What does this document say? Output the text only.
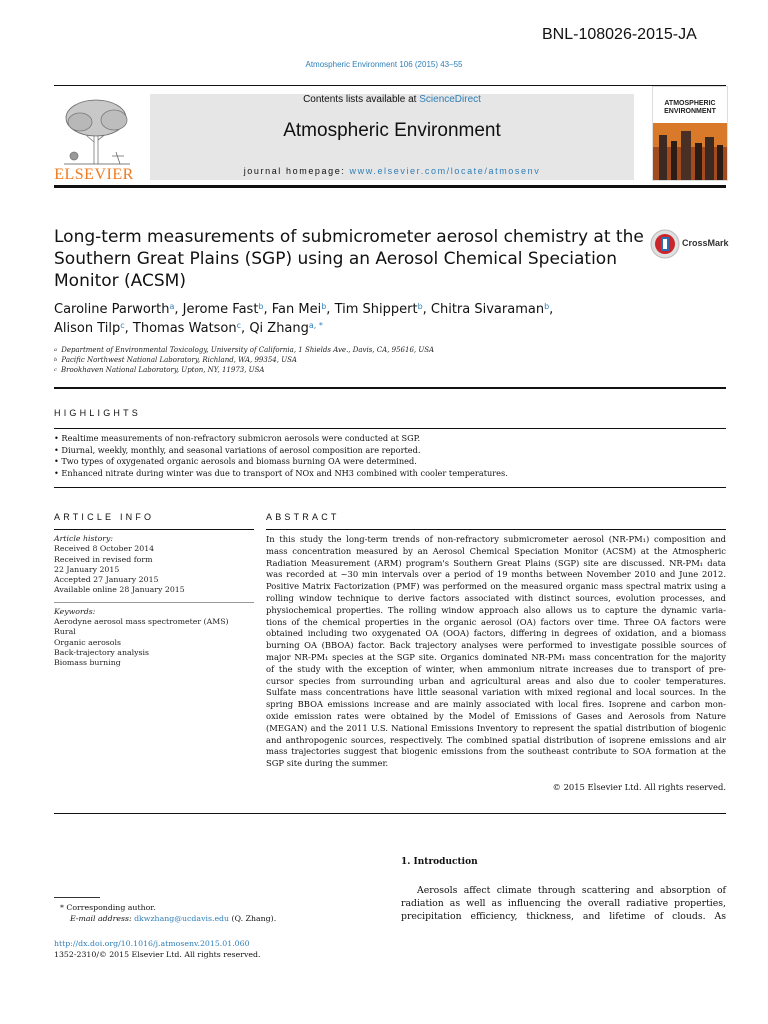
BNL-108026-2015-JA
Atmospheric Environment 106 (2015) 43–55
ELSEVIER
Contents lists available at ScienceDirect
Atmospheric Environment
journal homepage: www.elsevier.com/locate/atmosenv
ATMOSPHERIC ENVIRONMENT
Long-term measurements of submicrometer aerosol chemistry at the Southern Great Plains (SGP) using an Aerosol Chemical Speciation Monitor (ACSM)
CrossMark
Caroline Parworth$^a$, Jerome Fast$^b$, Fan Mei$^b$, Tim Shippert$^b$, Chitra Sivaraman$^b$,
Alison Tilp$^c$, Thomas Watson$^c$, Qi Zhang$^{a, *}$
$^a$ Department of Environmental Toxicology, University of California, 1 Shields Ave., Davis, CA, 95616, USA
$^b$ Pacific Northwest National Laboratory, Richland, WA, 99354, USA
$^c$ Brookhaven National Laboratory, Upton, NY, 11973, USA
HIGHLIGHTS
• Realtime measurements of non-refractory submicron aerosols were conducted at SGP.
• Diurnal, weekly, monthly, and seasonal variations of aerosol composition are reported.
• Two types of oxygenated organic aerosols and biomass burning OA were determined.
• Enhanced nitrate during winter was due to transport of NOx and NH3 combined with cooler temperatures.
ARTICLE INFO	ABSTRACT
Article history:
Received 8 October 2014
Received in revised form
22 January 2015
Accepted 27 January 2015
Available online 28 January 2015
Keywords:
Aerodyne aerosol mass spectrometer (AMS)
Rural
Organic aerosols
Back-trajectory analysis
Biomass burning
In this study the long-term trends of non-refractory submicrometer aerosol (NR-PM₁) composition and
mass concentration measured by an Aerosol Chemical Speciation Monitor (ACSM) at the Atmospheric
Radiation Measurement (ARM) program's Southern Great Plains (SGP) site are discussed. NR-PM₁ data
was recorded at ~30 min intervals over a period of 19 months between November 2010 and June 2012.
Positive Matrix Factorization (PMF) was performed on the measured organic mass spectral matrix using a
rolling window technique to derive factors associated with distinct sources, evolution processes, and
physiochemical properties. The rolling window approach also allows us to capture the dynamic varia-
tions of the chemical properties in the organic aerosol (OA) factors over time. Three OA factors were
obtained including two oxygenated OA (OOA) factors, differing in degrees of oxidation, and a biomass
burning OA (BBOA) factor. Back trajectory analyses were performed to investigate possible sources of
major NR-PM₁ species at the SGP site. Organics dominated NR-PM₁ mass concentration for the majority
of the study with the exception of winter, when ammonium nitrate increases due to transport of pre-
cursor species from surrounding urban and agricultural areas and also due to cooler temperatures.
Sulfate mass concentrations have little seasonal variation with mixed regional and local sources. In the
spring BBOA emissions increase and are mainly associated with local fires. Isoprene and carbon mon-
oxide emission rates were obtained by the Model of Emissions of Gases and Aerosols from Nature
(MEGAN) and the 2011 U.S. National Emissions Inventory to represent the spatial distribution of biogenic
and anthropogenic sources, respectively. The combined spatial distribution of isoprene emissions and air
mass trajectories suggest that biogenic emissions from the southeast contribute to SOA formation at the
SGP site during the summer.
© 2015 Elsevier Ltd. All rights reserved.
1. Introduction
Aerosols affect climate through scattering and absorption of
radiation as well as influencing the overall radiative properties,
precipitation efficiency, thickness, and lifetime of clouds. As
* Corresponding author.
E-mail address: dkwzhang@ucdavis.edu (Q. Zhang).
http://dx.doi.org/10.1016/j.atmosenv.2015.01.060
1352-2310/© 2015 Elsevier Ltd. All rights reserved.
